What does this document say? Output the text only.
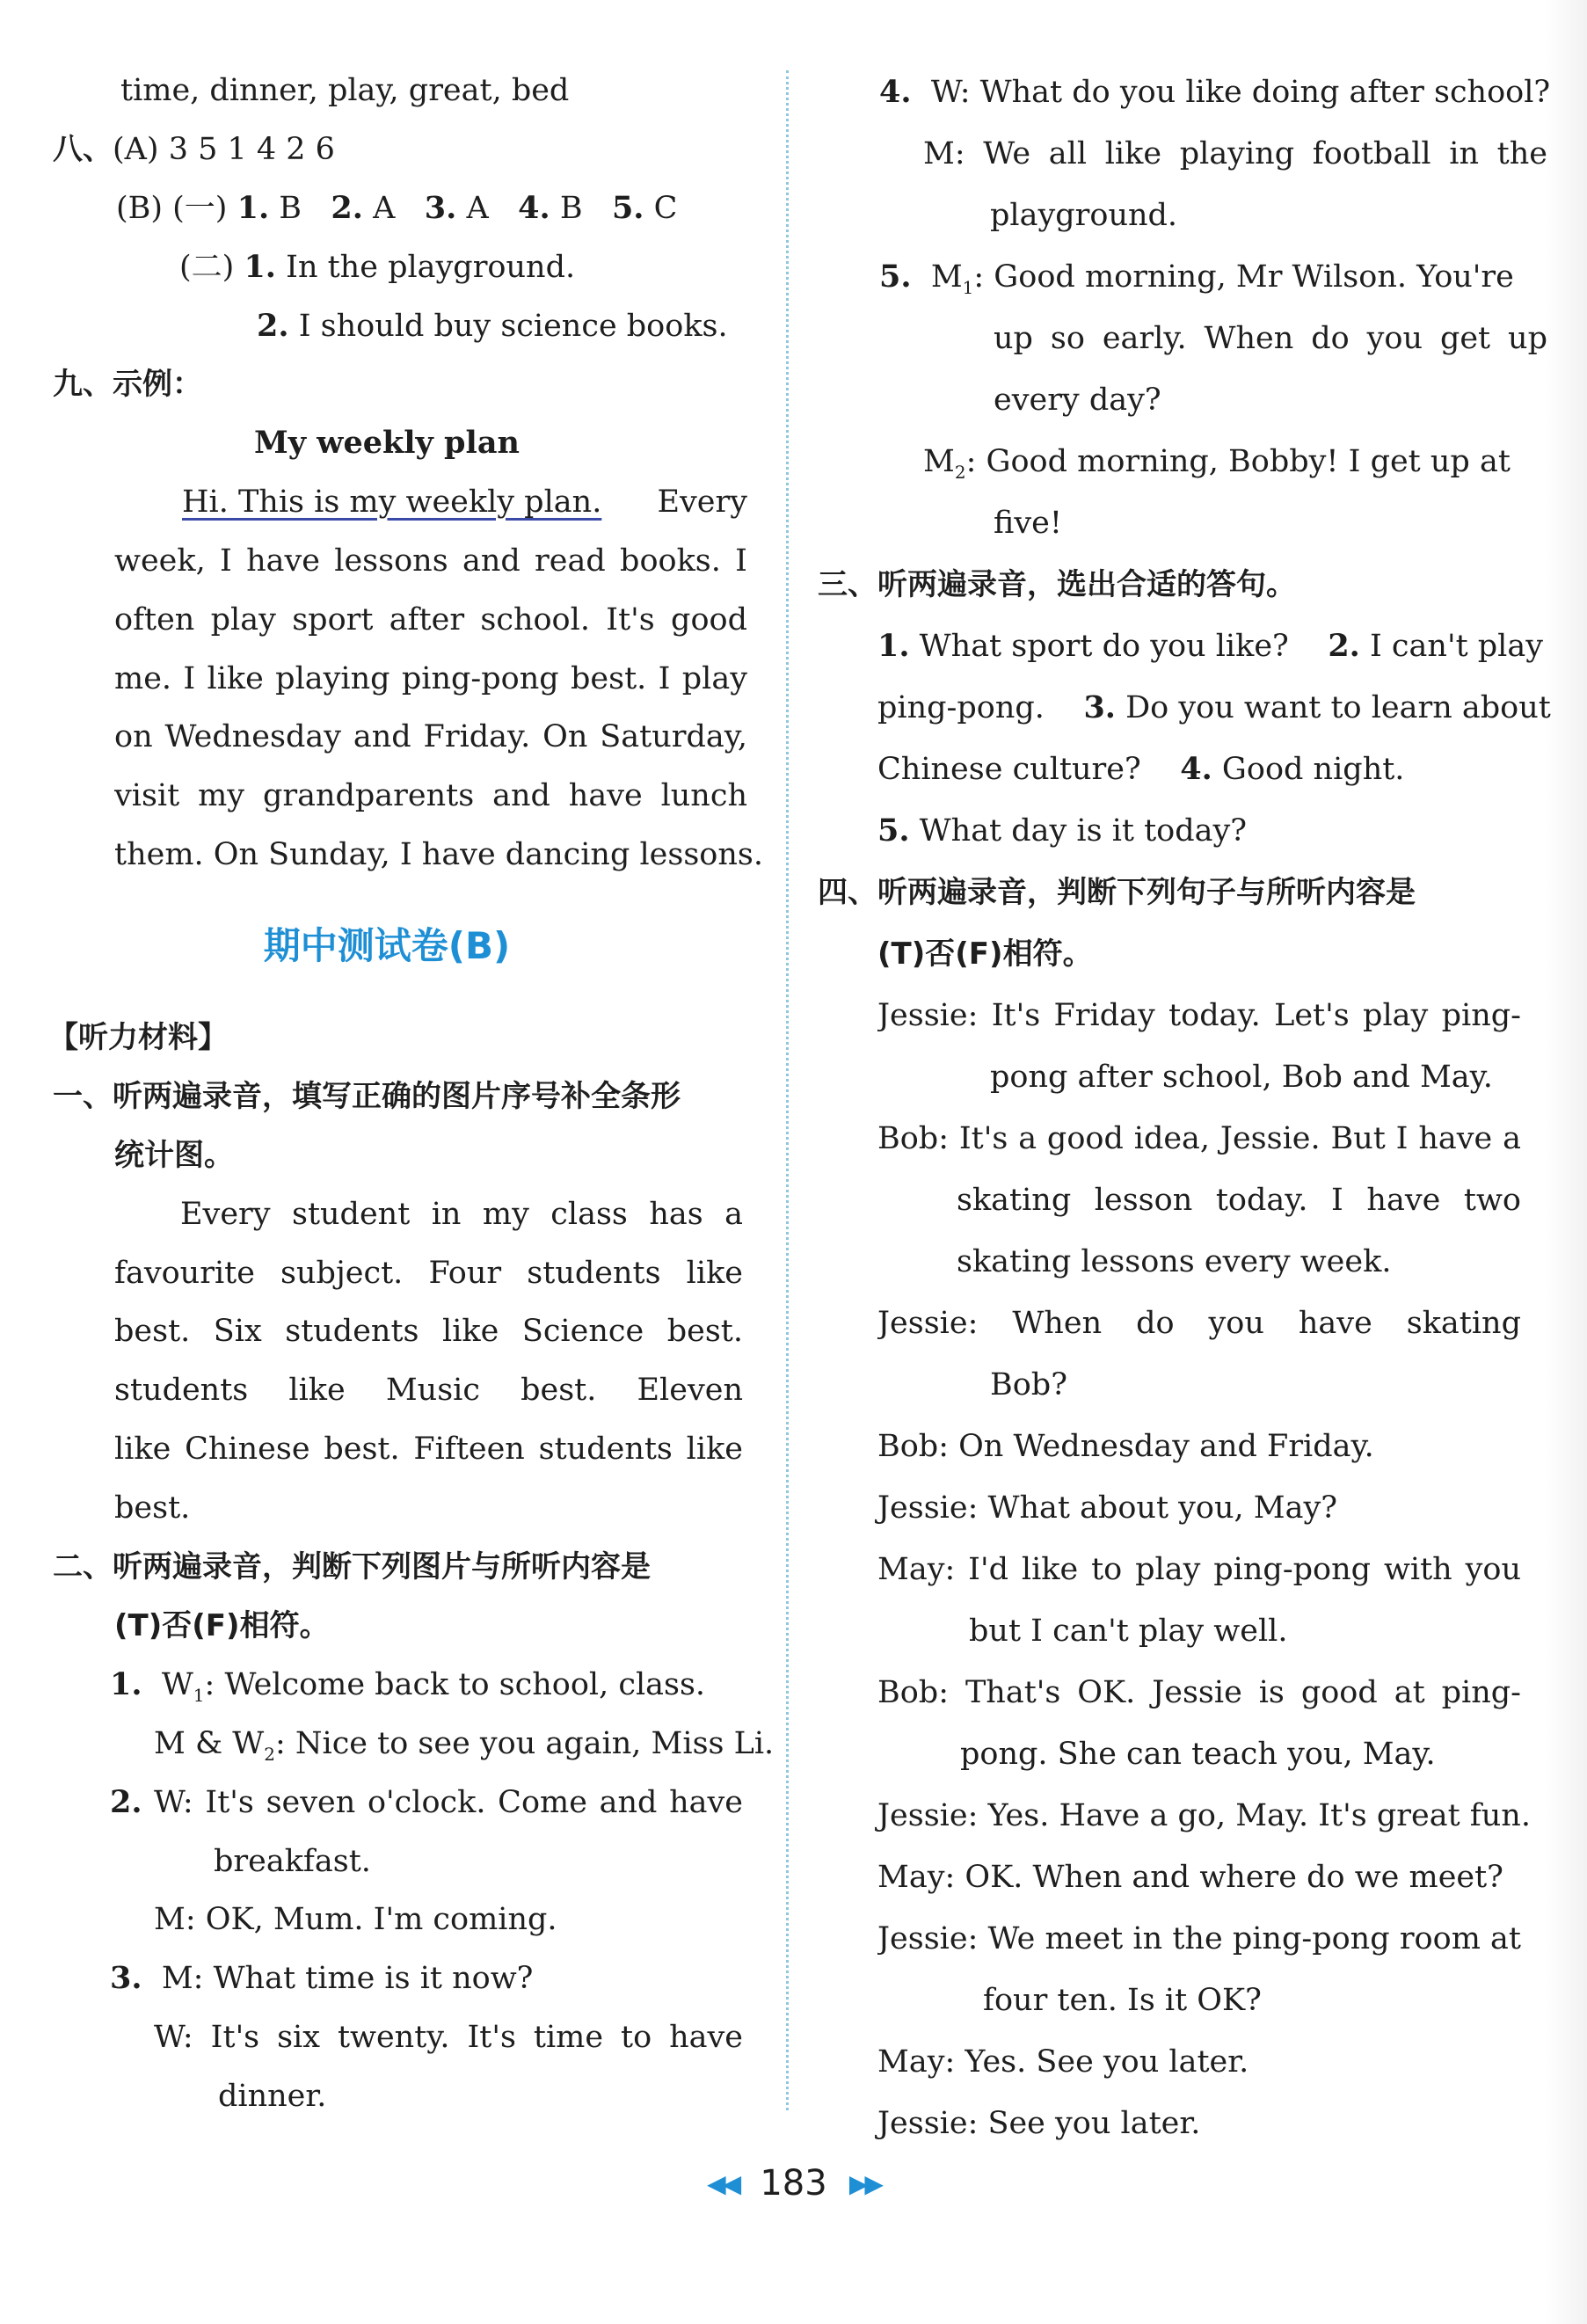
time, dinner, play, great, bed
八、(A) 3 5 1 4 2 6
(B) (一) 1. B 2. A 3. A 4. B 5. C
(二) 1. In the playground.
2. I should buy science books.
九、示例：
My weekly plan
Hi. This is my weekly plan. Every
week, I have lessons and read books. I
often play sport after school. It's good
me. I like playing ping-pong best. I play
on Wednesday and Friday. On Saturday,
visit my grandparents and have lunch
them. On Sunday, I have dancing lessons.
期中测试卷(B)
【听力材料】
一、听两遍录音，填写正确的图片序号补全条形
统计图。
Every student in my class has a
favourite subject. Four students like
best. Six students like Science best.
students like Music best. Eleven
like Chinese best. Fifteen students like
best.
二、听两遍录音，判断下列图片与所听内容是
(T)否(F)相符。
1. $W_1$: Welcome back to school, class.
M & $W_2$: Nice to see you again, Miss Li.
2. W: It's seven o'clock. Come and have
breakfast.
M: OK, Mum. I'm coming.
3. M: What time is it now?
W: It's six twenty. It's time to have
dinner.
4. W: What do you like doing after school?
M: We all like playing football in the
playground.
5. $M_1$: Good morning, Mr Wilson. You're
up so early. When do you get up
every day?
$M_2$: Good morning, Bobby! I get up at
five!
三、听两遍录音，选出合适的答句。
1. What sport do you like? 2. I can't play
ping-pong. 3. Do you want to learn about
Chinese culture? 4. Good night.
5. What day is it today?
四、听两遍录音，判断下列句子与所听内容是
(T)否(F)相符。
Jessie: It's Friday today. Let's play ping-
pong after school, Bob and May.
Bob: It's a good idea, Jessie. But I have a
skating lesson today. I have two
skating lessons every week.
Jessie: When do you have skating
Bob?
Bob: On Wednesday and Friday.
Jessie: What about you, May?
May: I'd like to play ping-pong with you
but I can't play well.
Bob: That's OK. Jessie is good at ping-
pong. She can teach you, May.
Jessie: Yes. Have a go, May. It's great fun.
May: OK. When and where do we meet?
Jessie: We meet in the ping-pong room at
four ten. Is it OK?
May: Yes. See you later.
Jessie: See you later.
◀◀ 183 ▶▶
